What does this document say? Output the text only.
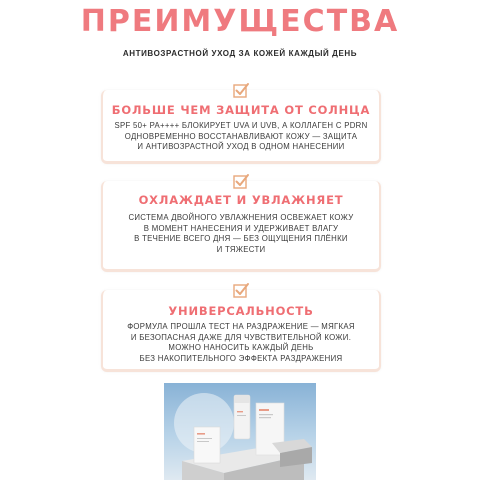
ПРЕИМУЩЕСТВА
АНТИВОЗРАСТНОЙ УХОД ЗА КОЖЕЙ КАЖДЫЙ ДЕНЬ
БОЛЬШЕ ЧЕМ ЗАЩИТА ОТ СОЛНЦА
SPF 50+ PA++++ БЛОКИРУЕТ UVA И UVB, А КОЛЛАГЕН С PDRN
ОДНОВРЕМЕННО ВОССТАНАВЛИВАЮТ КОЖУ — ЗАЩИТА
И АНТИВОЗРАСТНОЙ УХОД В ОДНОМ НАНЕСЕНИИ
ОХЛАЖДАЕТ И УВЛАЖНЯЕТ
СИСТЕМА ДВОЙНОГО УВЛАЖНЕНИЯ ОСВЕЖАЕТ КОЖУ
В МОМЕНТ НАНЕСЕНИЯ И УДЕРЖИВАЕТ ВЛАГУ
В ТЕЧЕНИЕ ВСЕГО ДНЯ — БЕЗ ОЩУЩЕНИЯ ПЛЁНКИ
И ТЯЖЕСТИ
УНИВЕРСАЛЬНОСТЬ
ФОРМУЛА ПРОШЛА ТЕСТ НА РАЗДРАЖЕНИЕ — МЯГКАЯ
И БЕЗОПАСНАЯ ДАЖЕ ДЛЯ ЧУВСТВИТЕЛЬНОЙ КОЖИ.
МОЖНО НАНОСИТЬ КАЖДЫЙ ДЕНЬ
БЕЗ НАКОПИТЕЛЬНОГО ЭФФЕКТА РАЗДРАЖЕНИЯ
